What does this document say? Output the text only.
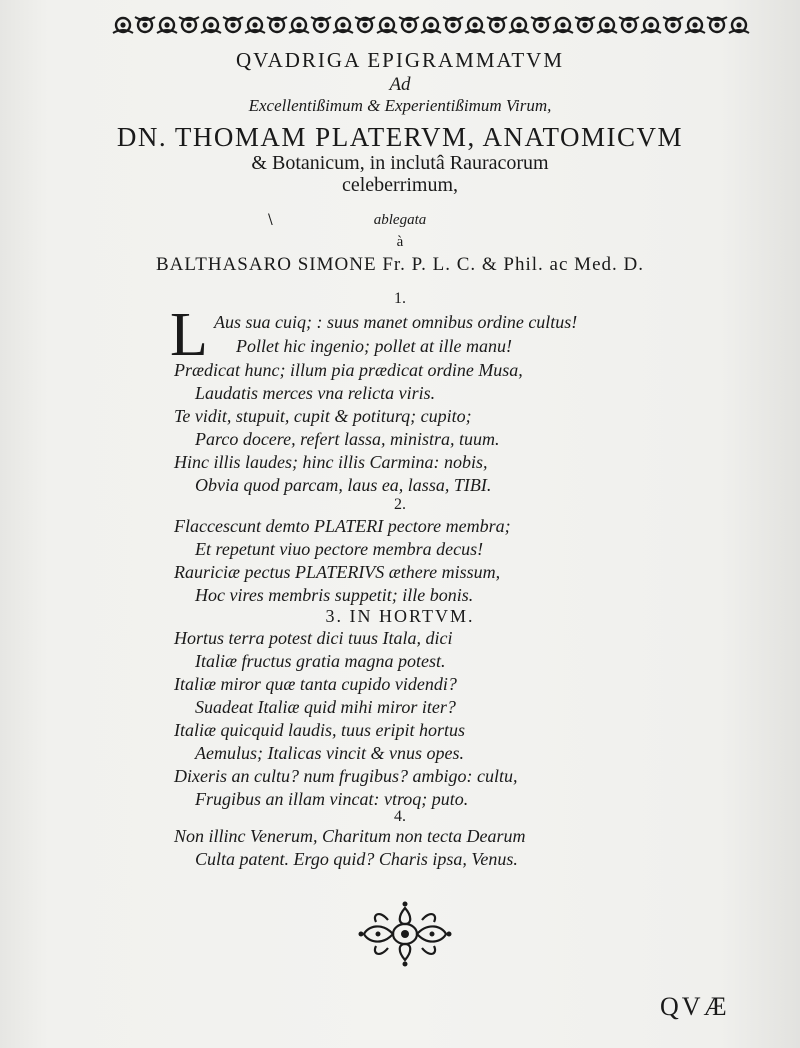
QVADRIGA EPIGRAMMATVM
Ad
Excellentißimum & Experientißimum Virum,
DN. THOMAM PLATERVM, ANATOMICVM
& Botanicum, in inclutâ Rauracorum
celeberrimum,
\	ablegata
à
BALTHASARO SIMONE Fr. P. L. C. & Phil. ac Med. D.
1.
L Aus sua cuiq; : suus manet omnibus ordine cultus!
Pollet hic ingenio; pollet at ille manu!
Prædicat hunc; illum pia prædicat ordine Musa,
Laudatis merces vna relicta viris.
Te vidit, stupuit, cupit & potiturq; cupito;
Parco docere, refert lassa, ministra, tuum.
Hinc illis laudes; hinc illis Carmina: nobis,
Obvia quod parcam, laus ea, lassa, TIBI.
2.
Flaccescunt demto PLATERI pectore membra;
Et repetunt viuo pectore membra decus!
Rauriciæ pectus PLATERIVS æthere missum,
Hoc vires membris suppetit; ille bonis.
3. IN HORTVM.
Hortus terra potest dici tuus Itala, dici
Italiæ fructus gratia magna potest.
Italiæ miror quæ tanta cupido videndi?
Suadeat Italiæ quid mihi miror iter?
Italiæ quicquid laudis, tuus eripit hortus
Aemulus; Italicas vincit & vnus opes.
Dixeris an cultu? num frugibus? ambigo: cultu,
Frugibus an illam vincat: vtroq; puto.
4.
Non illinc Venerum, Charitum non tecta Dearum
Culta patent. Ergo quid? Charis ipsa, Venus.
QVÆ
